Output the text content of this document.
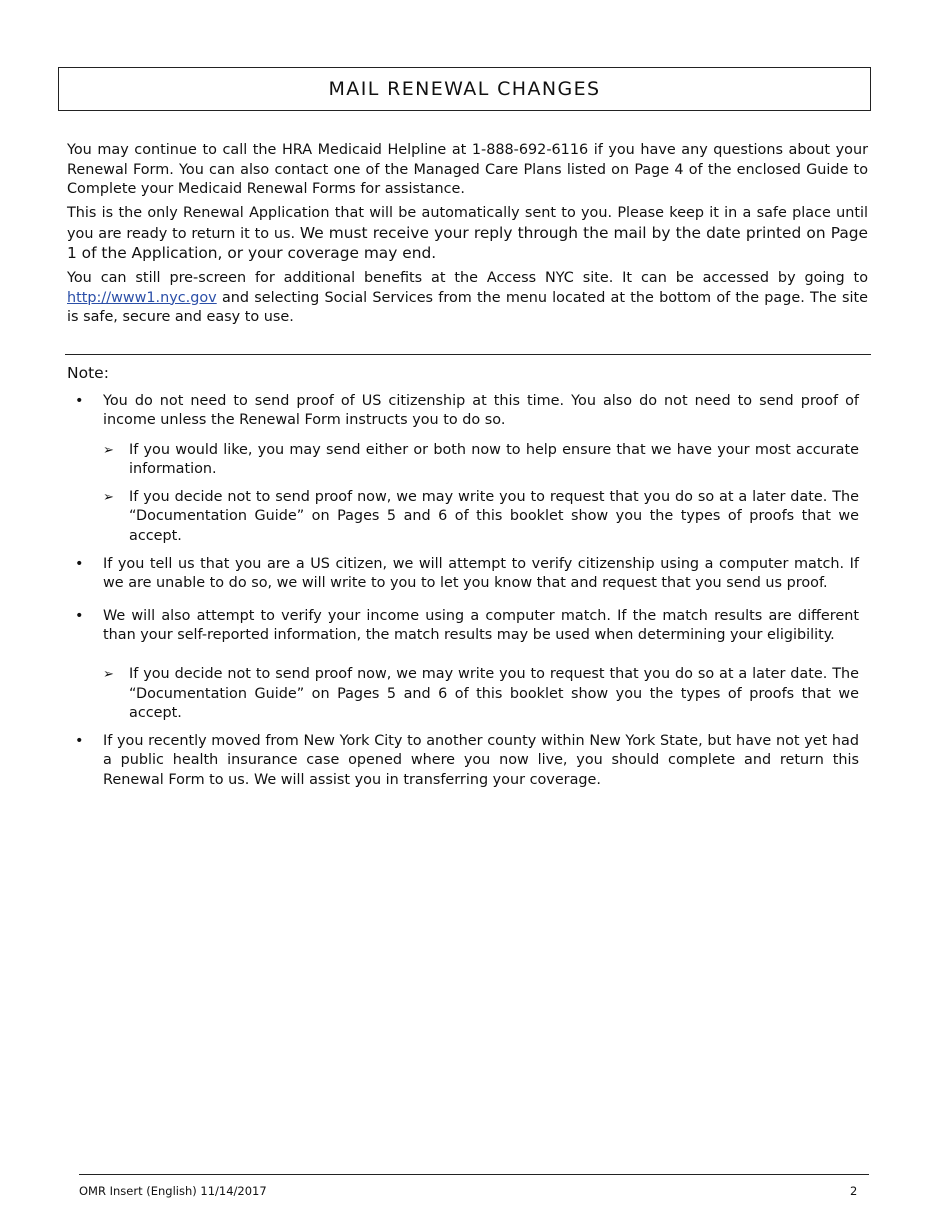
MAIL RENEWAL CHANGES

You may continue to call the HRA Medicaid Helpline at 1-888-692-6116 if you have any questions about your Renewal Form. You can also contact one of the Managed Care Plans listed on Page 4 of the enclosed Guide to Complete your Medicaid Renewal Forms for assistance.

This is the only Renewal Application that will be automatically sent to you. Please keep it in a safe place until you are ready to return it to us. We must receive your reply through the mail by the date printed on Page 1 of the Application, or your coverage may end.

You can still pre-screen for additional benefits at the Access NYC site. It can be accessed by going to http://www1.nyc.gov and selecting Social Services from the menu located at the bottom of the page. The site is safe, secure and easy to use.

Note:
• You do not need to send proof of US citizenship at this time. You also do not need to send proof of income unless the Renewal Form instructs you to do so.
➢ If you would like, you may send either or both now to help ensure that we have your most accurate information.
➢ If you decide not to send proof now, we may write you to request that you do so at a later date. The “Documentation Guide” on Pages 5 and 6 of this booklet show you the types of proofs that we accept.
• If you tell us that you are a US citizen, we will attempt to verify citizenship using a computer match. If we are unable to do so, we will write to you to let you know that and request that you send us proof.
• We will also attempt to verify your income using a computer match. If the match results are different than your self-reported information, the match results may be used when determining your eligibility.
➢ If you decide not to send proof now, we may write you to request that you do so at a later date. The “Documentation Guide” on Pages 5 and 6 of this booklet show you the types of proofs that we accept.
• If you recently moved from New York City to another county within New York State, but have not yet had a public health insurance case opened where you now live, you should complete and return this Renewal Form to us. We will assist you in transferring your coverage.
OMR Insert (English) 11/14/2017	2
